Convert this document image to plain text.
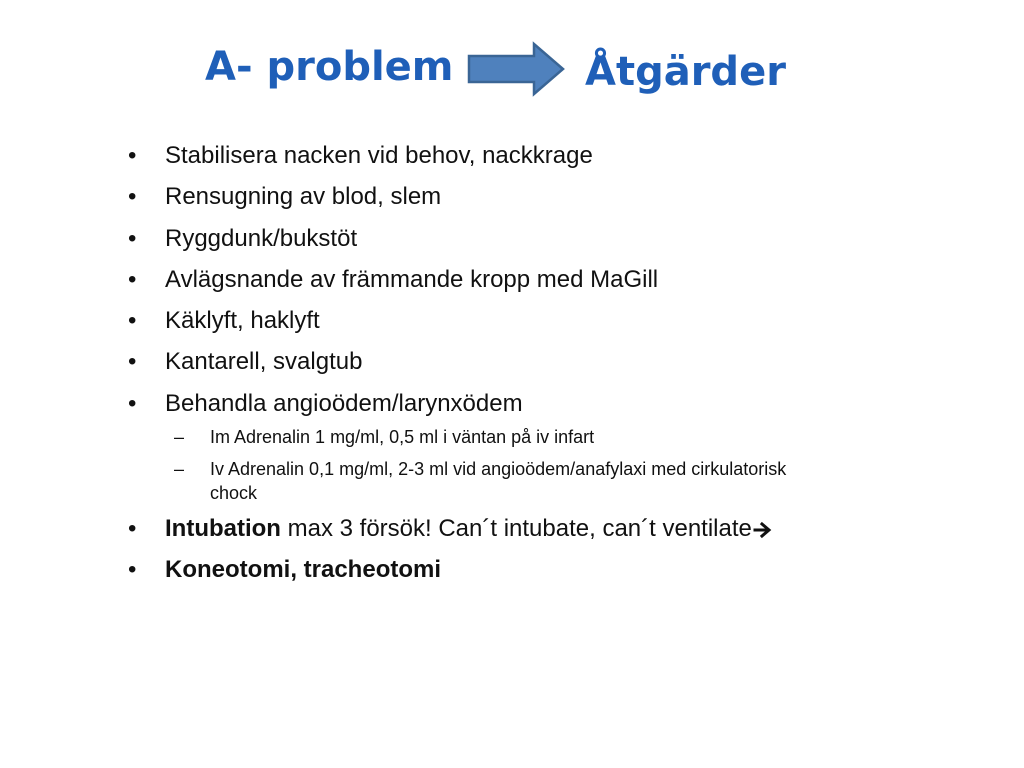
A- problem	Åtgärder
• Stabilisera nacken vid behov, nackkrage
• Rensugning av blod, slem
• Ryggdunk/bukstöt
• Avlägsnande av främmande kropp med MaGill
• Käklyft, haklyft
• Kantarell, svalgtub
• Behandla angioödem/larynxödem
– Im Adrenalin 1 mg/ml, 0,5 ml i väntan på iv infart
– Iv Adrenalin 0,1 mg/ml, 2-3 ml vid angioödem/anafylaxi med cirkulatorisk chock
• Intubation max 3 försök! Can´t intubate, can´t ventilate
• Koneotomi, tracheotomi
